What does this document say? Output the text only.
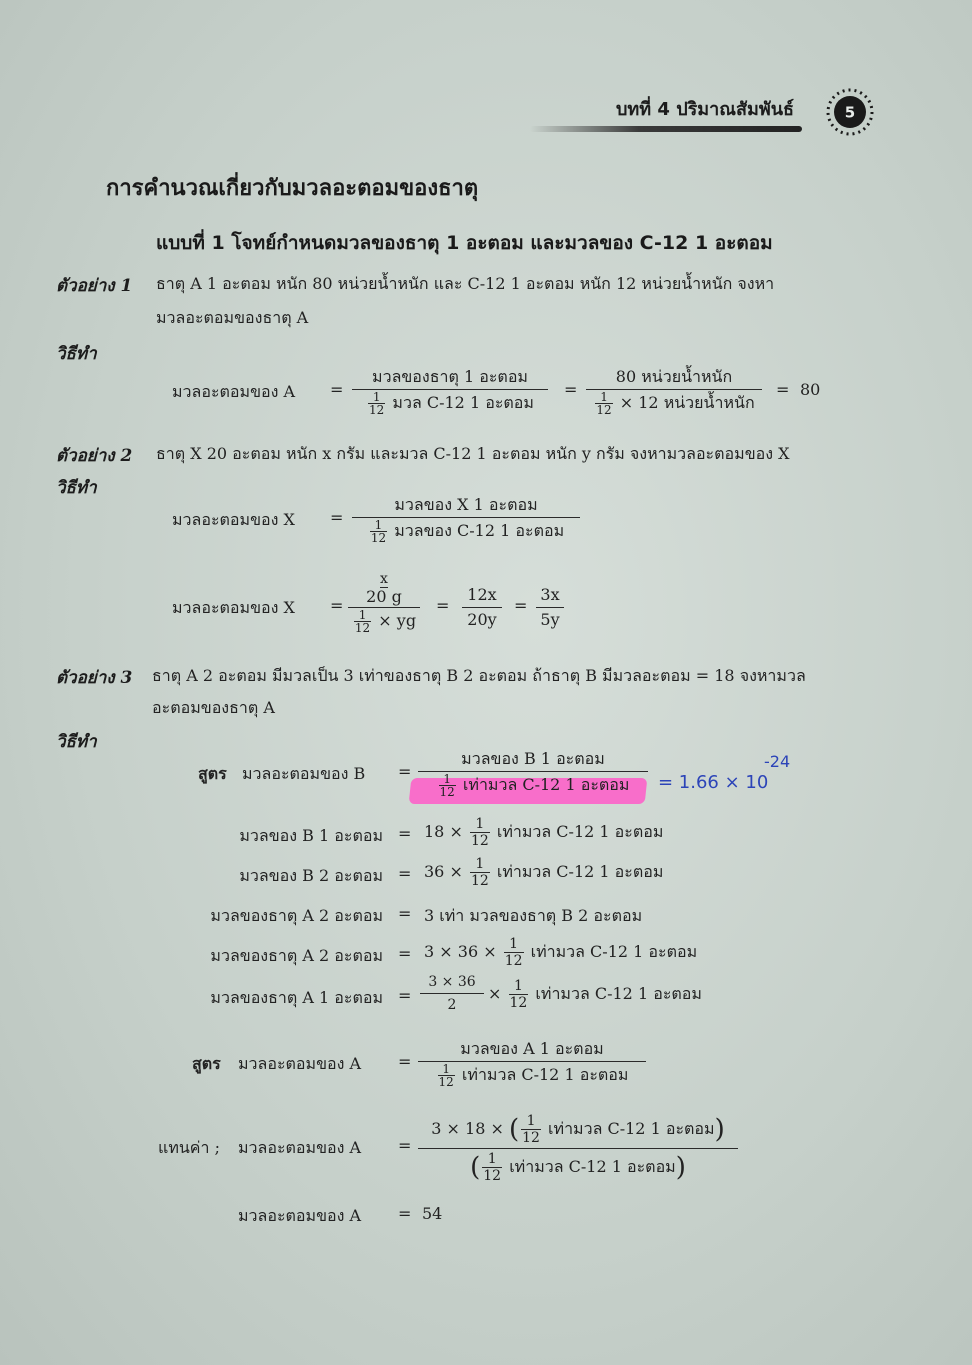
บทที่ 4 ปริมาณสัมพันธ์	5
การคำนวณเกี่ยวกับมวลอะตอมของธาตุ
แบบที่ 1 โจทย์กำหนดมวลของธาตุ 1 อะตอม และมวลของ C-12 1 อะตอม
ตัวอย่าง 1 ธาตุ A 1 อะตอม หนัก 80 หน่วยน้ำหนัก และ C-12 1 อะตอม หนัก 12 หน่วยน้ำหนัก จงหา
มวลอะตอมของธาตุ A
วิธีทำ
มวลอะตอมของ A =
มวลของธาตุ 1 อะตอม
$\frac{1}{12}$ มวล C-12 1 อะตอม
=
80 หน่วยน้ำหนัก
$\frac{1}{12} \times 12$ หน่วยน้ำหนัก
= 80
ตัวอย่าง 2 ธาตุ X 20 อะตอม หนัก x กรัม และมวล C-12 1 อะตอม หนัก y กรัม จงหามวลอะตอมของ X
วิธีทำ
มวลอะตอมของ X =
มวลของ X 1 อะตอม
$\frac{1}{12}$ มวลของ C-12 1 อะตอม
มวลอะตอมของ X =
x
20 g
$\frac{1}{12}$ × yg
=
12x
20y
=
3x
5y
ตัวอย่าง 3 ธาตุ A 2 อะตอม มีมวลเป็น 3 เท่าของธาตุ B 2 อะตอม ถ้าธาตุ B มีมวลอะตอม = 18 จงหามวล
อะตอมของธาตุ A
วิธีทำ
สูตร มวลอะตอมของ B =
มวลของ B 1 อะตอม
$\frac{1}{12}$ เท่ามวล C-12 1 อะตอม	= 1.66 × 10
-24
มวลของ B 1 อะตอม = $18 \times \frac{1}{12}$ เท่ามวล C-12 1 อะตอม
มวลของ B 2 อะตอม = $36 \times \frac{1}{12}$ เท่ามวล C-12 1 อะตอม
มวลของธาตุ A 2 อะตอม = 3 เท่า มวลของธาตุ B 2 อะตอม
มวลของธาตุ A 2 อะตอม = $3 \times 36 \times \frac{1}{12}$ เท่ามวล C-12 1 อะตอม
มวลของธาตุ A 1 อะตอม =
3 × 36
2
× $\frac{1}{12}$ เท่ามวล C-12 1 อะตอม
สูตร มวลอะตอมของ A =
มวลของ A 1 อะตอม
$\frac{1}{12}$ เท่ามวล C-12 1 อะตอม
แทนค่า ; มวลอะตอมของ A =
3 × 18 × ( $\frac{1}{12}$ เท่ามวล C-12 1 อะตอม)
( $\frac{1}{12}$ เท่ามวล C-12 1 อะตอม)
มวลอะตอมของ A = 54
